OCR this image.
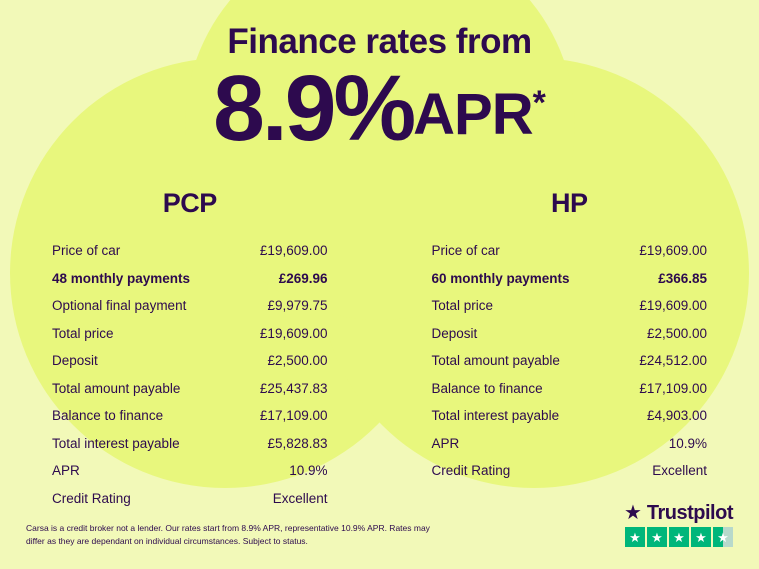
Finance rates from
8.9%APR*
PCP
Price of car	£19,609.00
48 monthly payments	£269.96
Optional final payment	£9,979.75
Total price	£19,609.00
Deposit	£2,500.00
Total amount payable	£25,437.83
Balance to finance	£17,109.00
Total interest payable	£5,828.83
APR	10.9%
Credit Rating	Excellent
HP
Price of car	£19,609.00
60 monthly payments	£366.85
Total price	£19,609.00
Deposit	£2,500.00
Total amount payable	£24,512.00
Balance to finance	£17,109.00
Total interest payable	£4,903.00
APR	10.9%
Credit Rating	Excellent
Carsa is a credit broker not a lender. Our rates start from 8.9% APR, representative 10.9% APR. Rates may differ as they are dependant on individual circumstances. Subject to status.
★ Trustpilot
★ ★ ★ ★ ★
